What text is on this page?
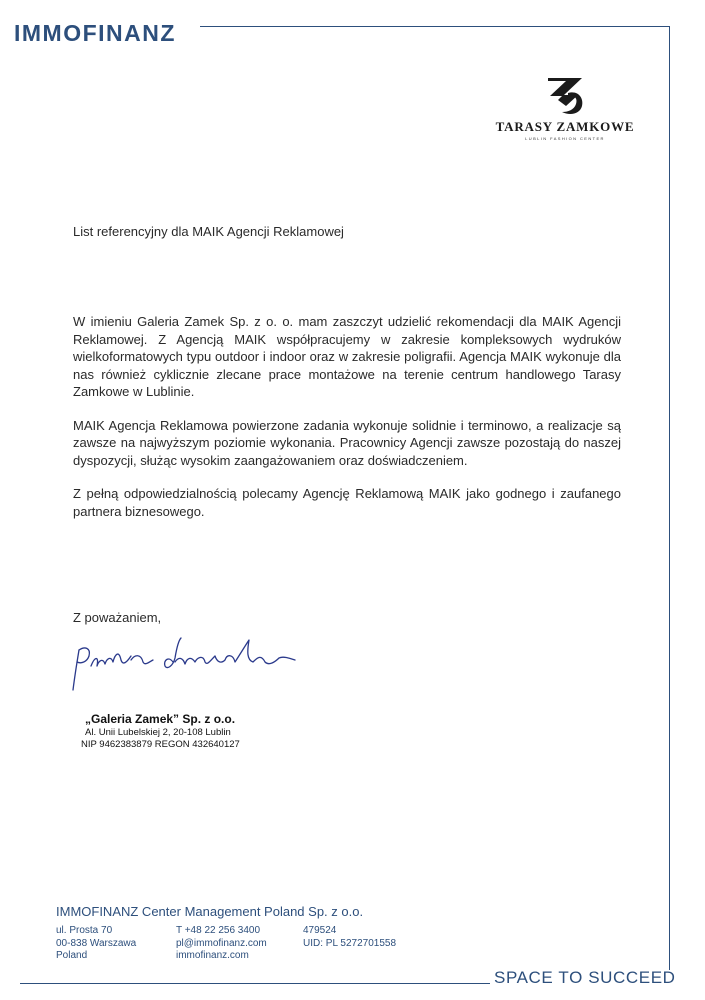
IMMOFINANZ
TARASY ZAMKOWE
LUBLIN FASHION CENTER
List referencyjny dla MAIK Agencji Reklamowej

W imieniu Galeria Zamek Sp. z o. o. mam zaszczyt udzielić rekomendacji dla MAIK Agencji Reklamowej. Z Agencją MAIK współpracujemy w zakresie kompleksowych wydruków wielkoformatowych typu outdoor i indoor oraz w zakresie poligrafii. Agencja MAIK wykonuje dla nas również cyklicznie zlecane prace montażowe na terenie centrum handlowego Tarasy Zamkowe w Lublinie.

MAIK Agencja Reklamowa powierzone zadania wykonuje solidnie i terminowo, a realizacje są zawsze na najwyższym poziomie wykonania. Pracownicy Agencji zawsze pozostają do naszej dyspozycji, służąc wysokim zaangażowaniem oraz doświadczeniem.

Z pełną odpowiedzialnością polecamy Agencję Reklamową MAIK jako godnego i zaufanego partnera biznesowego.

Z poważaniem,
„Galeria Zamek” Sp. z o.o.
Al. Unii Lubelskiej 2, 20-108 Lublin
NIP 9462383879 REGON 432640127
IMMOFINANZ Center Management Poland Sp. z o.o.
ul. Prosta 70
00-838 Warszawa
Poland
T +48 22 256 3400
pl@immofinanz.com
immofinanz.com
479524
UID: PL 5272701558
SPACE TO SUCCEED
